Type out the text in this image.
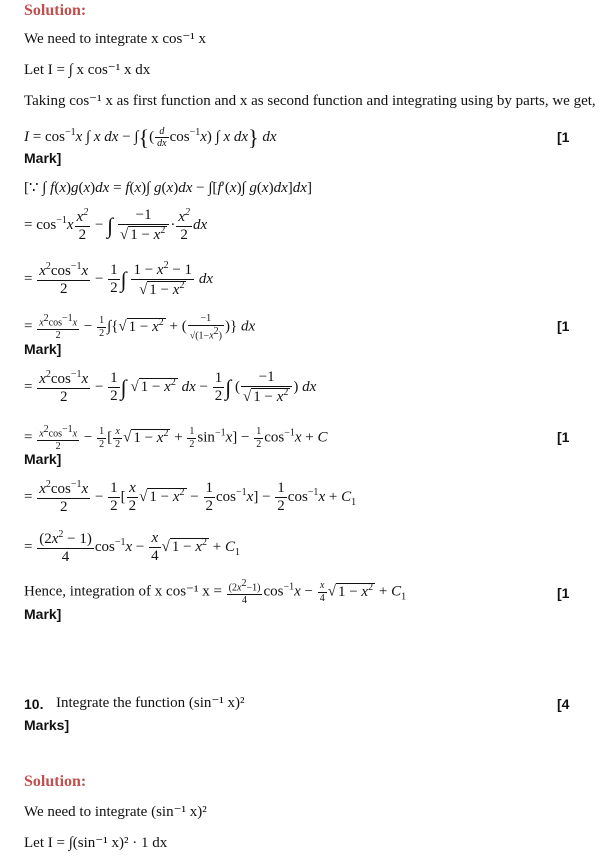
Solution:
We need to integrate x cos⁻¹ x
Let I = ∫ x cos⁻¹ x dx
Taking cos⁻¹ x as first function and x as second function and integrating using by parts, we get,
$I = \cos^{-1}x$ ∫ x dx − ∫{( $\frac{d}{dx} \cos^{-1}x$) ∫ x dx} dx	[1
Mark]
[∵ ∫ f(x)g(x)dx = f(x)∫ g(x)dx − ∫[f′(x)∫ g(x)dx]dx]
= $\cos^{-1}x \frac{x^2}{2}$ − ∫ $\frac{-1}{√ 1 - x^2} \cdot \frac{x^2}{2}$ dx
= $\frac{x^2\cos^{-1}x}{2} - \frac{1}{2}$ ∫ $\frac{1 - x^2 - 1}{√ 1 - x^2}$ dx
= $\frac{x^2\cos^{-1}x}{2} - \frac{1}{2}$ ∫{√ $1 - x^2$ + ( $\frac{-1}{√(1-x^2)}$ )} dx	[1
Mark]
= $\frac{x^2\cos^{-1}x}{2} - \frac{1}{2}$ ∫ √ $1 - x^2$ dx − $\frac{1}{2}$ ∫ ( $\frac{-1}{√ 1 - x^2}$ ) dx
= $\frac{x^2\cos^{-1}x}{2} - \frac{1}{2}$ [ $\frac{x}{2}$ √ $1 - x^2 + \frac{1}{2} \sin^{-1}x] - \frac{1}{2} \cos^{-1}x + C$	[1
Mark]
= $\frac{x^2\cos^{-1}x}{2} - \frac{1}{2}$ [ $\frac{x}{2}$ √ $1 - x^2 - \frac{1}{2} \cos^{-1}x] - \frac{1}{2} \cos^{-1}x + C_1$
= $\frac{(2x^2 - 1)}{4} \cos^{-1}x - \frac{x}{4}$ √ $1 - x^2 + C_1$
Hence, integration of x cos⁻¹ $x = \frac{(2x^2-1)}{4} \cos^{-1}x - \frac{x}{4}$ √ $1 - x^2 + C_1$	[1
Mark]
10. Integrate the function (sin⁻¹ x)²	[4
Marks]
Solution:
We need to integrate (sin⁻¹ x)²
Let I = ∫(sin⁻¹ x)² · 1 dx
